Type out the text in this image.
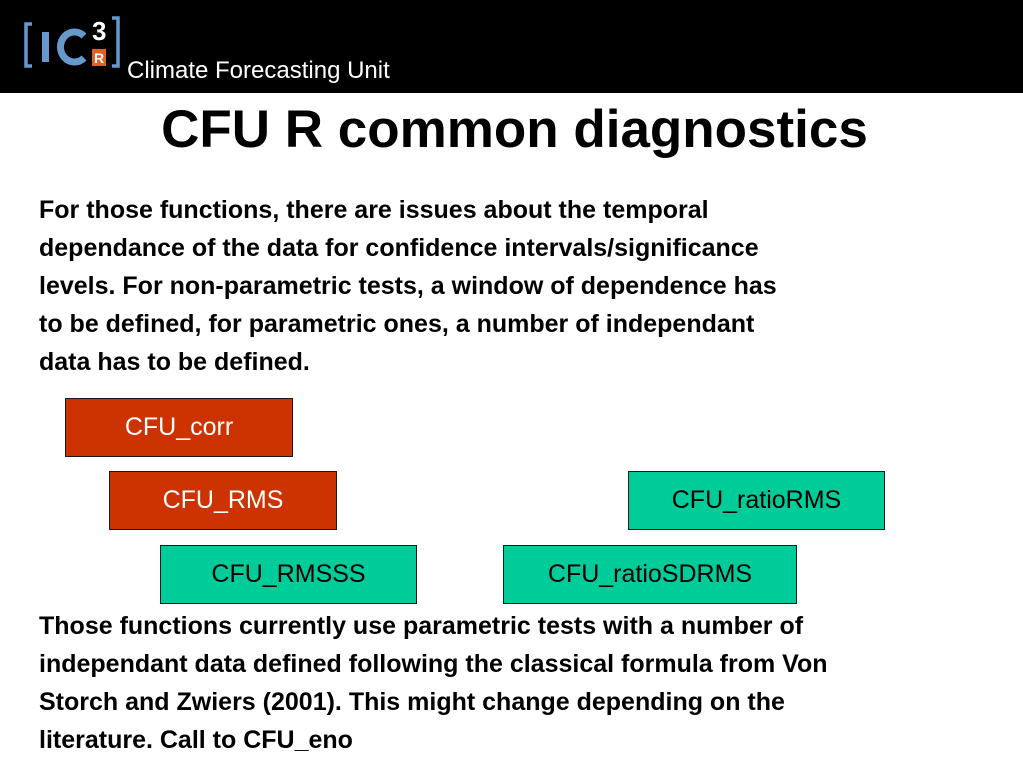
3
R Climate Forecasting Unit
CFU R common diagnostics
For those functions, there are issues about the temporal
dependance of the data for confidence intervals/significance
levels. For non-parametric tests, a window of dependence has
to be defined, for parametric ones, a number of independant
data has to be defined.
CFU_corr
CFU_RMS	CFU_ratioRMS
CFU_RMSSS	CFU_ratioSDRMS
Those functions currently use parametric tests with a number of
independant data defined following the classical formula from Von
Storch and Zwiers (2001). This might change depending on the
literature. Call to CFU_eno
